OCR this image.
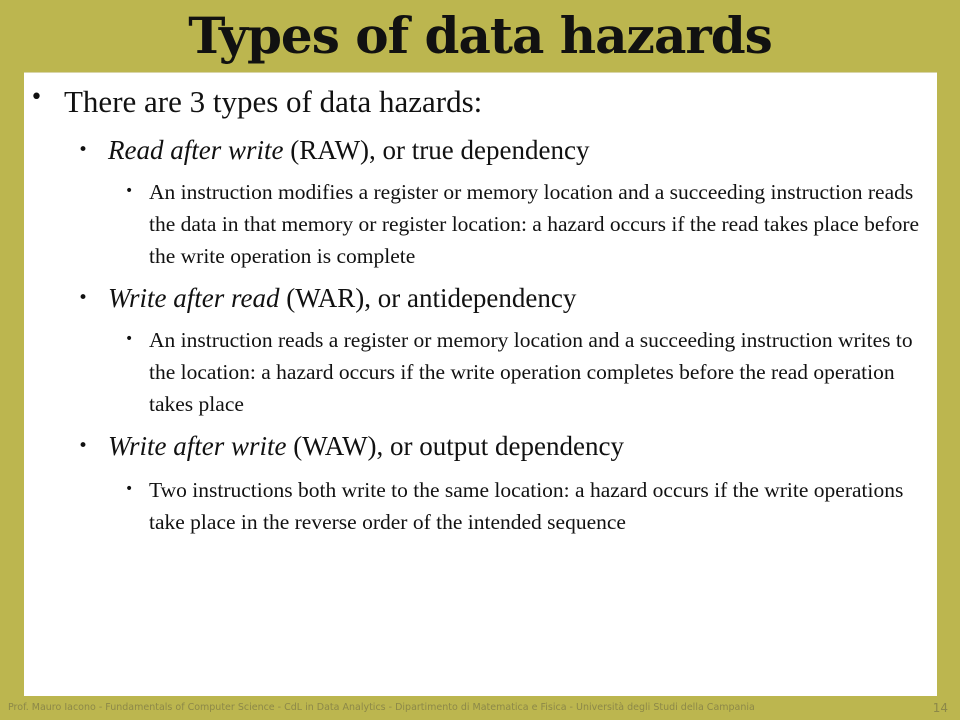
Types of data hazards
• There are 3 types of data hazards:
• Read after write (RAW), or true dependency
• An instruction modifies a register or memory location and a succeeding instruction reads the data in that memory or register location: a hazard occurs if the read takes place before the write operation is complete
• Write after read (WAR), or antidependency
• An instruction reads a register or memory location and a succeeding instruction writes to the location: a hazard occurs if the write operation completes before the read operation takes place
• Write after write (WAW), or output dependency
• Two instructions both write to the same location: a hazard occurs if the write operations take place in the reverse order of the intended sequence
Prof. Mauro Iacono - Fundamentals of Computer Science - CdL in Data Analytics - Dipartimento di Matematica e Fisica - Università degli Studi della Campania	14
